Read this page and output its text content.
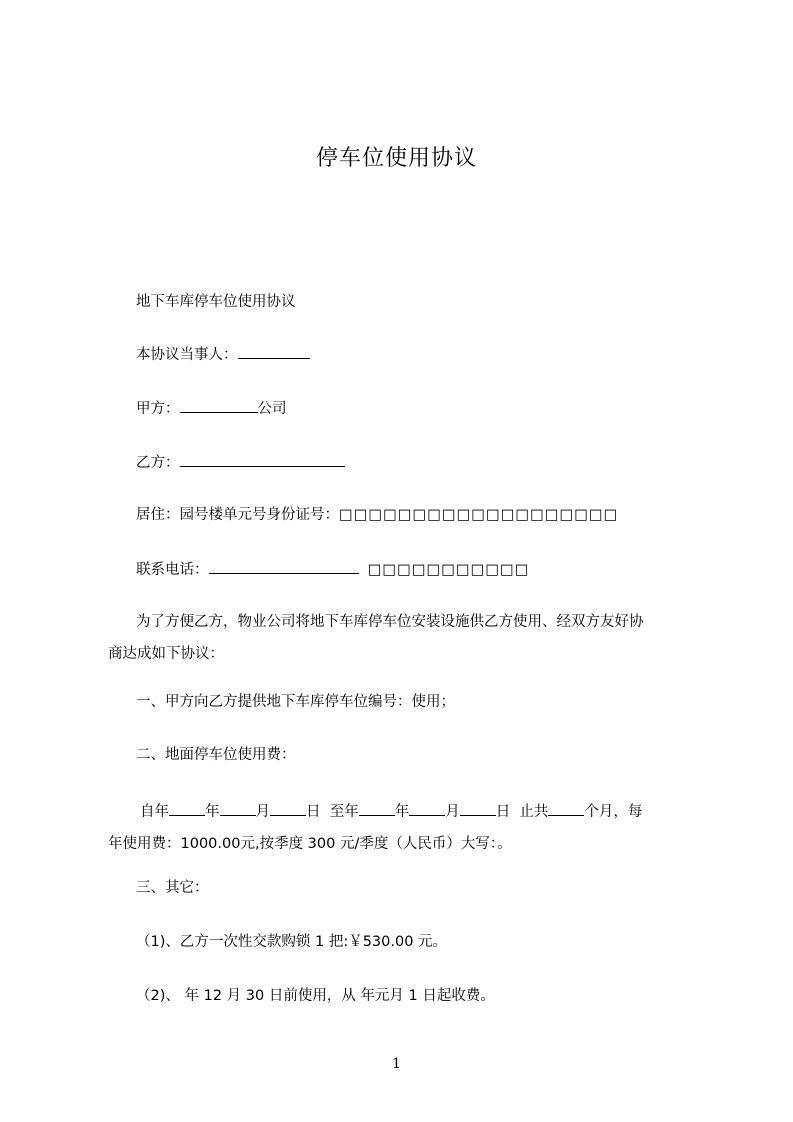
停车位使用协议
地下车库停车位使用协议
本协议当事人：
甲方：	公司
乙方：
居住：园号楼单元号身份证号：□□□□□□□□□□□□□□□□□□□
联系电话：	□□□□□□□□□□□
为了方便乙方，物业公司将地下车库停车位安装设施供乙方使用、经双方友好协
商达成如下协议：
一、甲方向乙方提供地下车库停车位编号：使用；
二、地面停车位使用费：
自年 年 月 日 至年 年 月 日 止共 个月，每
年使用费：1000.00元,按季度 300 元/季度（人民币）大写：。
三、其它：
（1)、乙方一次性交款购锁 1 把:￥530.00 元。
（2)、 年 12 月 30 日前使用，从 年元月 1 日起收费。
1
